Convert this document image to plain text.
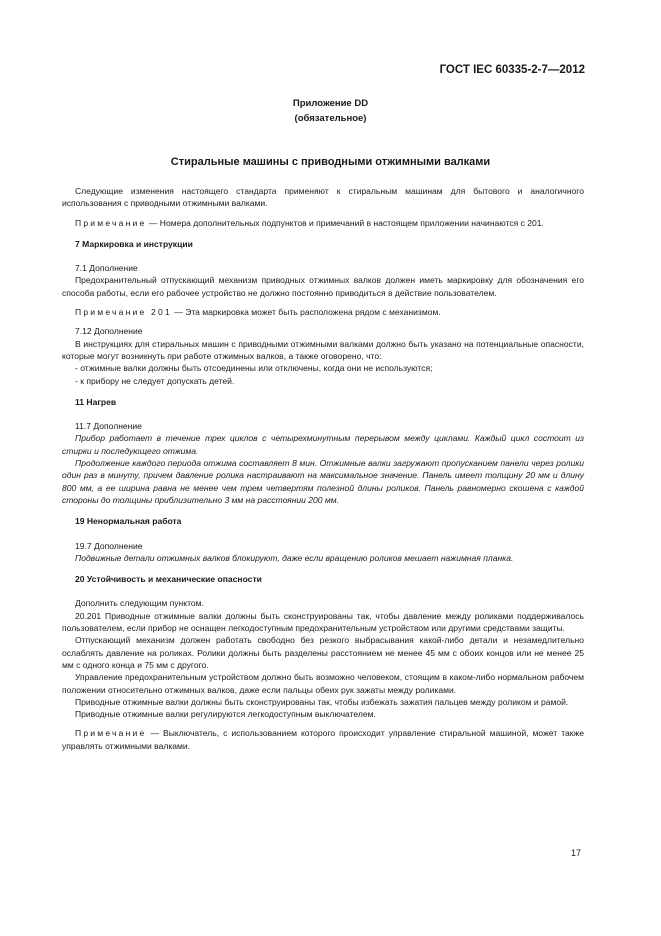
ГОСТ IEC 60335-2-7—2012
Приложение DD
(обязательное)
Стиральные машины с приводными отжимными валками

Следующие изменения настоящего стандарта применяют к стиральным машинам для бытового и аналогичного использования с приводными отжимными валками.

Примечание — Номера дополнительных подпунктов и примечаний в настоящем приложении начинаются с 201.

7 Маркировка и инструкции

7.1 Дополнение

Предохранительный отпускающий механизм приводных отжимных валков должен иметь маркировку для обозначения его способа работы, если его рабочее устройство не должно постоянно приводиться в действие пользователем.

Примечание 201 — Эта маркировка может быть расположена рядом с механизмом.

7.12 Дополнение

В инструкциях для стиральных машин с приводными отжимными валками должно быть указано на потенциальные опасности, которые могут возникнуть при работе отжимных валков, а также оговорено, что:

- отжимные валки должны быть отсоединены или отключены, когда они не используются;

- к прибору не следует допускать детей.

11 Нагрев

11.7 Дополнение

Прибор работает в течение трех циклов с четырехминутным перерывом между циклами. Каждый цикл состоит из стирки и последующего отжима.

Продолжение каждого периода отжима составляет 8 мин. Отжимные валки загружают пропусканием панели через ролики один раз в минуту, причем давление ролика настраивают на максимальное значение. Панель имеет толщину 20 мм и длину 800 мм, а ее ширина равна не менее чем трем четвертям полезной длины роликов. Панель равномерно скошена с каждой стороны до толщины приблизительно 3 мм на расстоянии 200 мм.

19 Ненормальная работа

19.7 Дополнение

Подвижные детали отжимных валков блокируют, даже если вращению роликов мешает нажимная планка.

20 Устойчивость и механические опасности

Дополнить следующим пунктом.

20.201 Приводные отжимные валки должны быть сконструированы так, чтобы давление между роликами поддерживалось пользователем, если прибор не оснащен легкодоступным предохранительным устройством или другими средствами защиты.

Отпускающий механизм должен работать свободно без резкого выбрасывания какой-либо детали и незамедлительно ослаблять давление на роликах. Ролики должны быть разделены расстоянием не менее 45 мм с обоих концов или не менее 25 мм с одного конца и 75 мм с другого.

Управление предохранительным устройством должно быть возможно человеком, стоящим в каком-либо нормальном рабочем положении относительно отжимных валков, даже если пальцы обеих рук зажаты между роликами.

Приводные отжимные валки должны быть сконструированы так, чтобы избежать зажатия пальцев между роликом и рамой.

Приводные отжимные валки регулируются легкодоступным выключателем.

Примечание — Выключатель, с использованием которого происходит управление стиральной машиной, может также управлять отжимными валками.

17
